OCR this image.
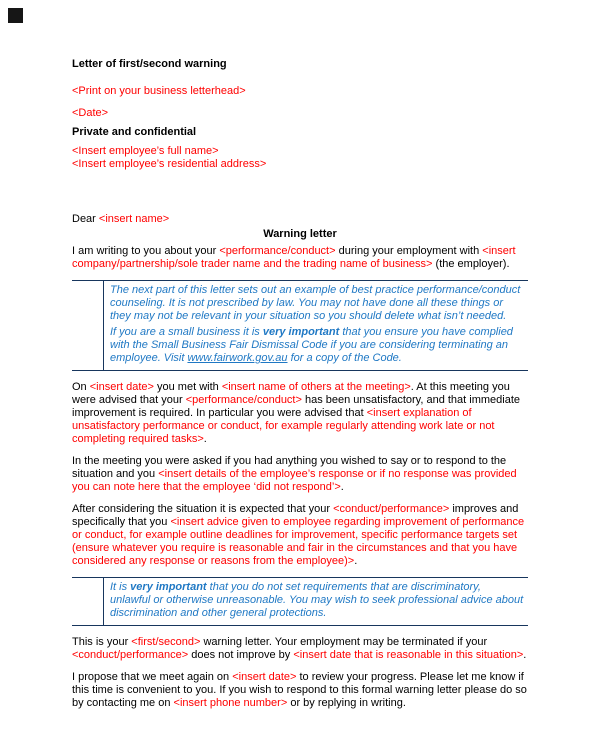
Letter of first/second warning

<Print on your business letterhead>

<Date>

Private and confidential

<Insert employee’s full name>

<Insert employee’s residential address>

Dear <insert name>

Warning letter

I am writing to you about your <performance/conduct> during your employment with <insert company/partnership/sole trader name and the trading name of business> (the employer).

The next part of this letter sets out an example of best practice performance/conduct counseling. It is not prescribed by law. You may not have done all these things or they may not be relevant in your situation so you should delete what isn’t needed.

If you are a small business it is very important that you ensure you have complied with the Small Business Fair Dismissal Code if you are considering terminating an employee. Visit www.fairwork.gov.au for a copy of the Code.

On <insert date> you met with <insert name of others at the meeting>. At this meeting you were advised that your <performance/conduct> has been unsatisfactory, and that immediate improvement is required. In particular you were advised that <insert explanation of unsatisfactory performance or conduct, for example regularly attending work late or not completing required tasks>.

In the meeting you were asked if you had anything you wished to say or to respond to the situation and you <insert details of the employee’s response or if no response was provided you can note here that the employee ‘did not respond’>.

After considering the situation it is expected that your <conduct/performance> improves and specifically that you <insert advice given to employee regarding improvement of performance or conduct, for example outline deadlines for improvement, specific performance targets set (ensure whatever you require is reasonable and fair in the circumstances and that you have considered any response or reasons from the employee)>.

It is very important that you do not set requirements that are discriminatory, unlawful or otherwise unreasonable. You may wish to seek professional advice about discrimination and other general protections.

This is your <first/second> warning letter. Your employment may be terminated if your <conduct/performance> does not improve by <insert date that is reasonable in this situation>.

I propose that we meet again on <insert date> to review your progress. Please let me know if this time is convenient to you. If you wish to respond to this formal warning letter please do so by contacting me on <insert phone number> or by replying in writing.
